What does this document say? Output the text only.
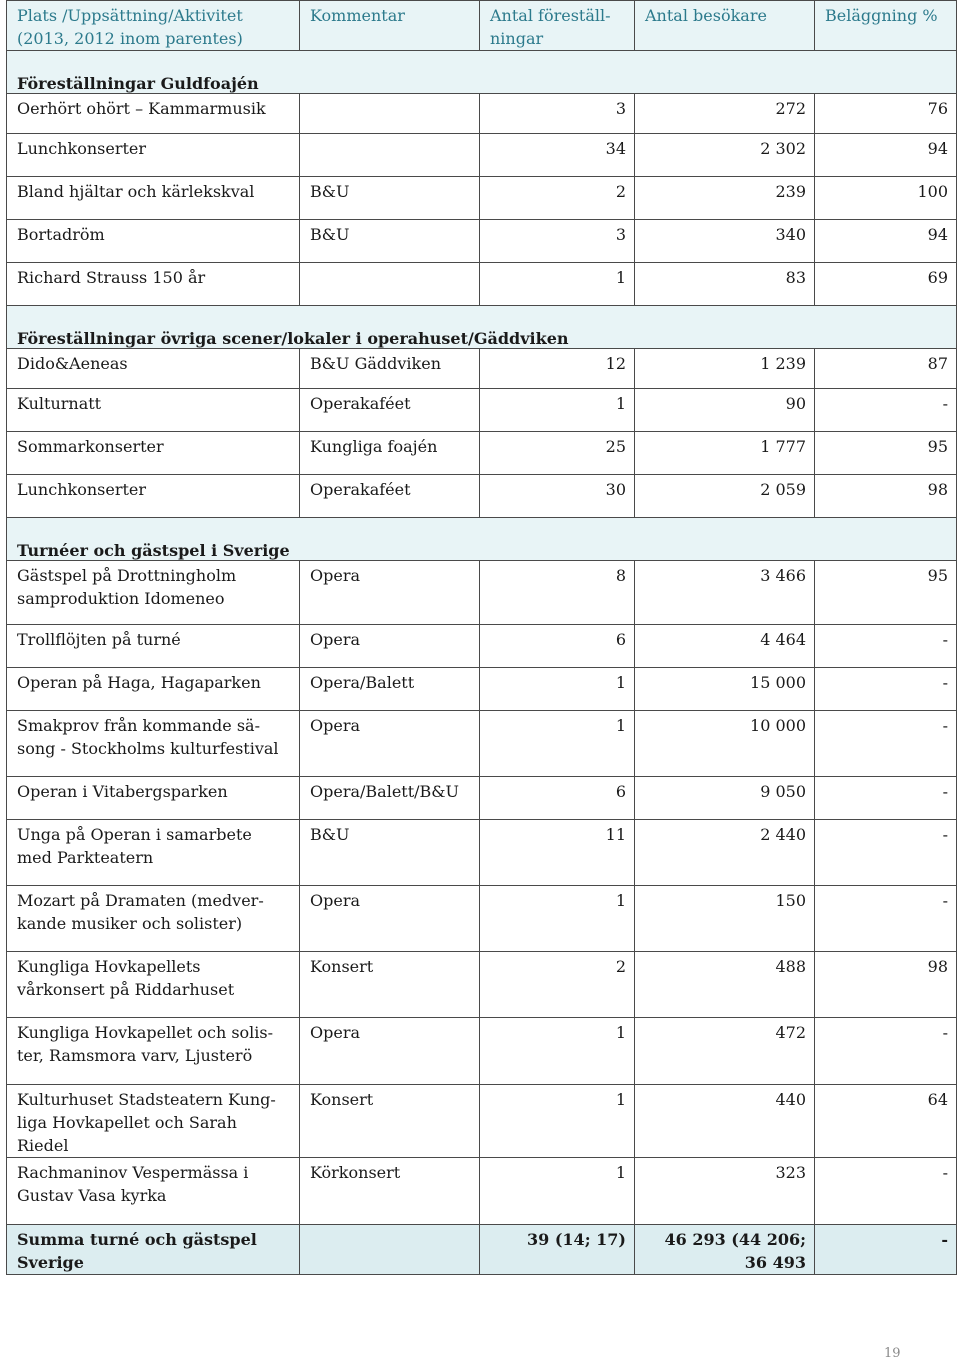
Plats /Uppsättning/Aktivitet (2013, 2012 inom parentes)	Kommentar	Antal föreställ-ningar	Antal besökare	Beläggning %
Föreställningar Guldfoajén				
Oerhört ohört – Kammarmusik		3	272	76
Lunchkonserter		34	2 302	94
Bland hjältar och kärlekskval	B&U	2	239	100
Bortadröm	B&U	3	340	94
Richard Strauss 150 år		1	83	69
Föreställningar övriga scener/lokaler i operahuset/Gäddviken				
Dido&Aeneas	B&U Gäddviken	12	1 239	87
Kulturnatt	Operakaféet	1	90	-
Sommarkonserter	Kungliga foajén	25	1 777	95
Lunchkonserter	Operakaféet	30	2 059	98
Turnéer och gästspel i Sverige				
Gästspel på Drottningholm samproduktion Idomeneo	Opera	8	3 466	95
Trollflöjten på turné	Opera	6	4 464	-
Operan på Haga, Hagaparken	Opera/Balett	1	15 000	-
Smakprov från kommande sä-song - Stockholms kulturfestival	Opera	1	10 000	-
Operan i Vitabergsparken	Opera/Balett/B&U	6	9 050	-
Unga på Operan i samarbete med Parkteatern	B&U	11	2 440	-
Mozart på Dramaten (medver-kande musiker och solister)	Opera	1	150	-
Kungliga Hovkapellets vårkonsert på Riddarhuset	Konsert	2	488	98
Kungliga Hovkapellet och solis-ter, Ramsmora varv, Ljusterö	Opera	1	472	-
Kulturhuset Stadsteatern Kung-liga Hovkapellet och Sarah Riedel	Konsert	1	440	64
Rachmaninov Vespermässa i Gustav Vasa kyrka	Körkonsert	1	323	-
Summa turné och gästspel Sverige		39 (14; 17)	46 293 (44 206; 36 493	-
19
